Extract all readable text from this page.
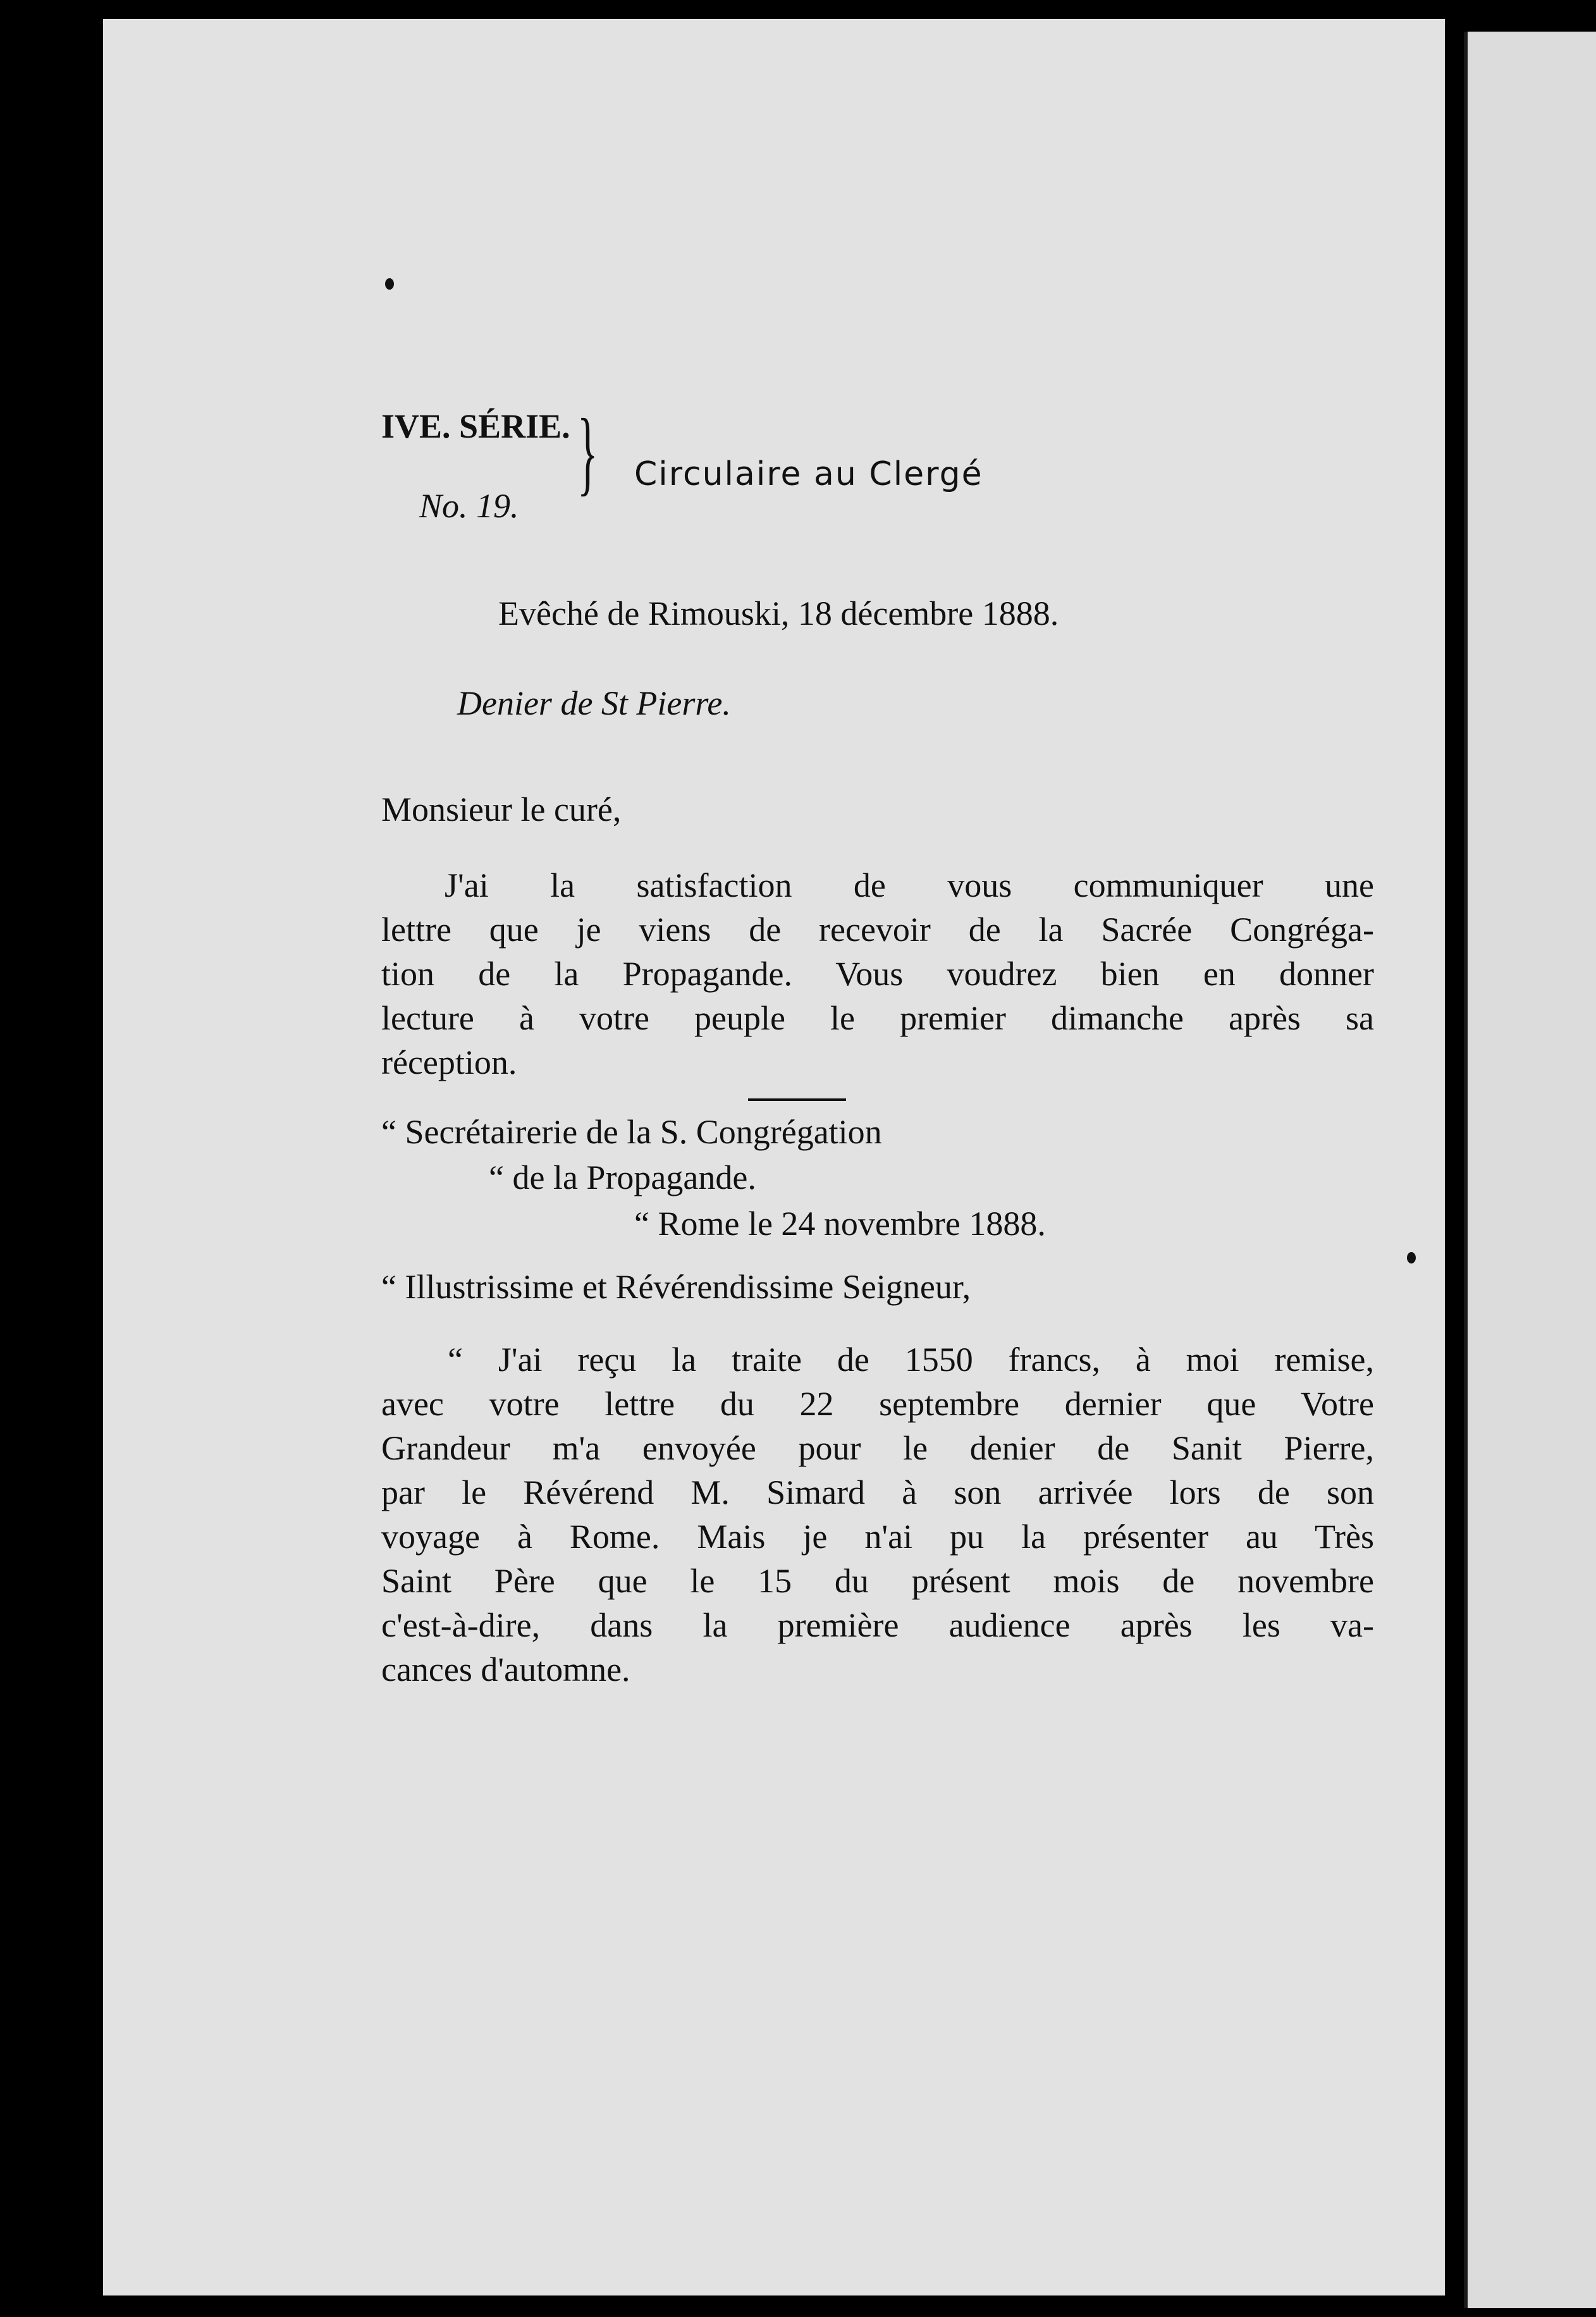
IVE. SÉRIE.
No. 19.
} Circulaire au Clergé
Evêché de Rimouski, 18 décembre 1888.
Denier de St Pierre.
Monsieur le curé,
J'ai la satisfaction de vous communiquer une
lettre que je viens de recevoir de la Sacrée Congréga-
tion de la Propagande. Vous voudrez bien en donner
lecture à votre peuple le premier dimanche après sa
réception.
“ Secrétairerie de la S. Congrégation
“ de la Propagande.
“ Rome le 24 novembre 1888.
“ Illustrissime et Révérendissime Seigneur,
“ J'ai reçu la traite de 1550 francs, à moi remise,
avec votre lettre du 22 septembre dernier que Votre
Grandeur m'a envoyée pour le denier de Sanit Pierre,
par le Révérend M. Simard à son arrivée lors de son
voyage à Rome. Mais je n'ai pu la présenter au Très
Saint Père que le 15 du présent mois de novembre
c'est-à-dire, dans la première audience après les va-
cances d'automne.
